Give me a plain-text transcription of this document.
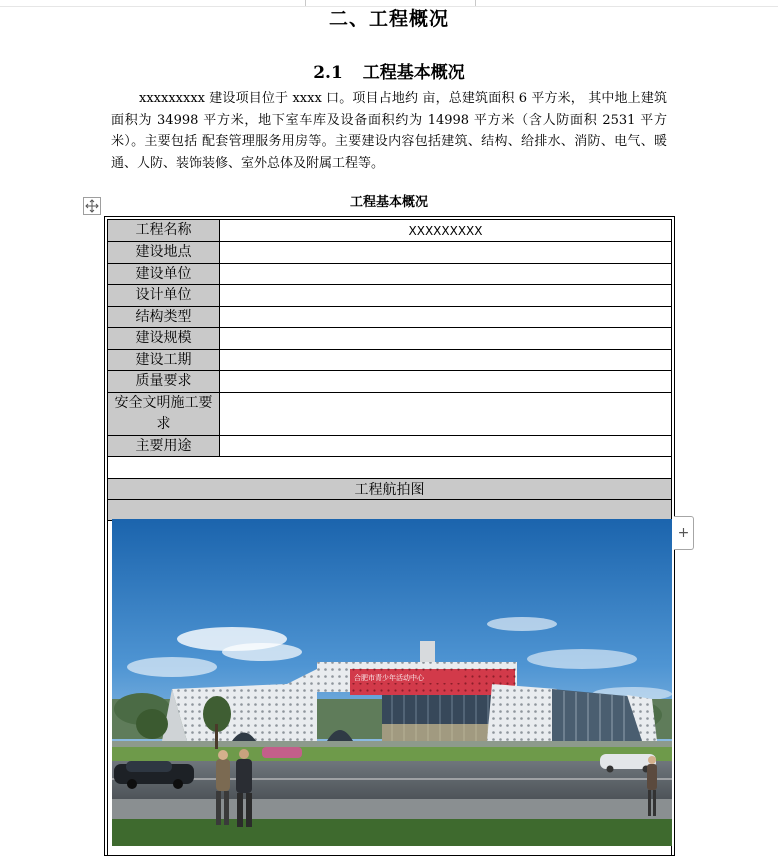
二、工程概况
2.1 工程基本概况
xxxxxxxxx 建设项目位于 xxxx 口。项目占地约 亩，总建筑面积 6 平方米， 其中地上建筑面积为 34998 平方米，地下室车库及设备面积约为 14998 平方米（含人防面积 2531 平方米）。主要包括 配套管理服务用房等。主要建设内容包括建筑、结构、给排水、消防、电气、暖通、人防、装饰装修、室外总体及附属工程等。
工程基本概况
工程名称	XXXXXXXXX
建设地点
建设单位
设计单位
结构类型
建设规模
建设工期
质量要求
安全文明施工要求
主要用途
工程航拍图
+
合肥市青少年活动中心
